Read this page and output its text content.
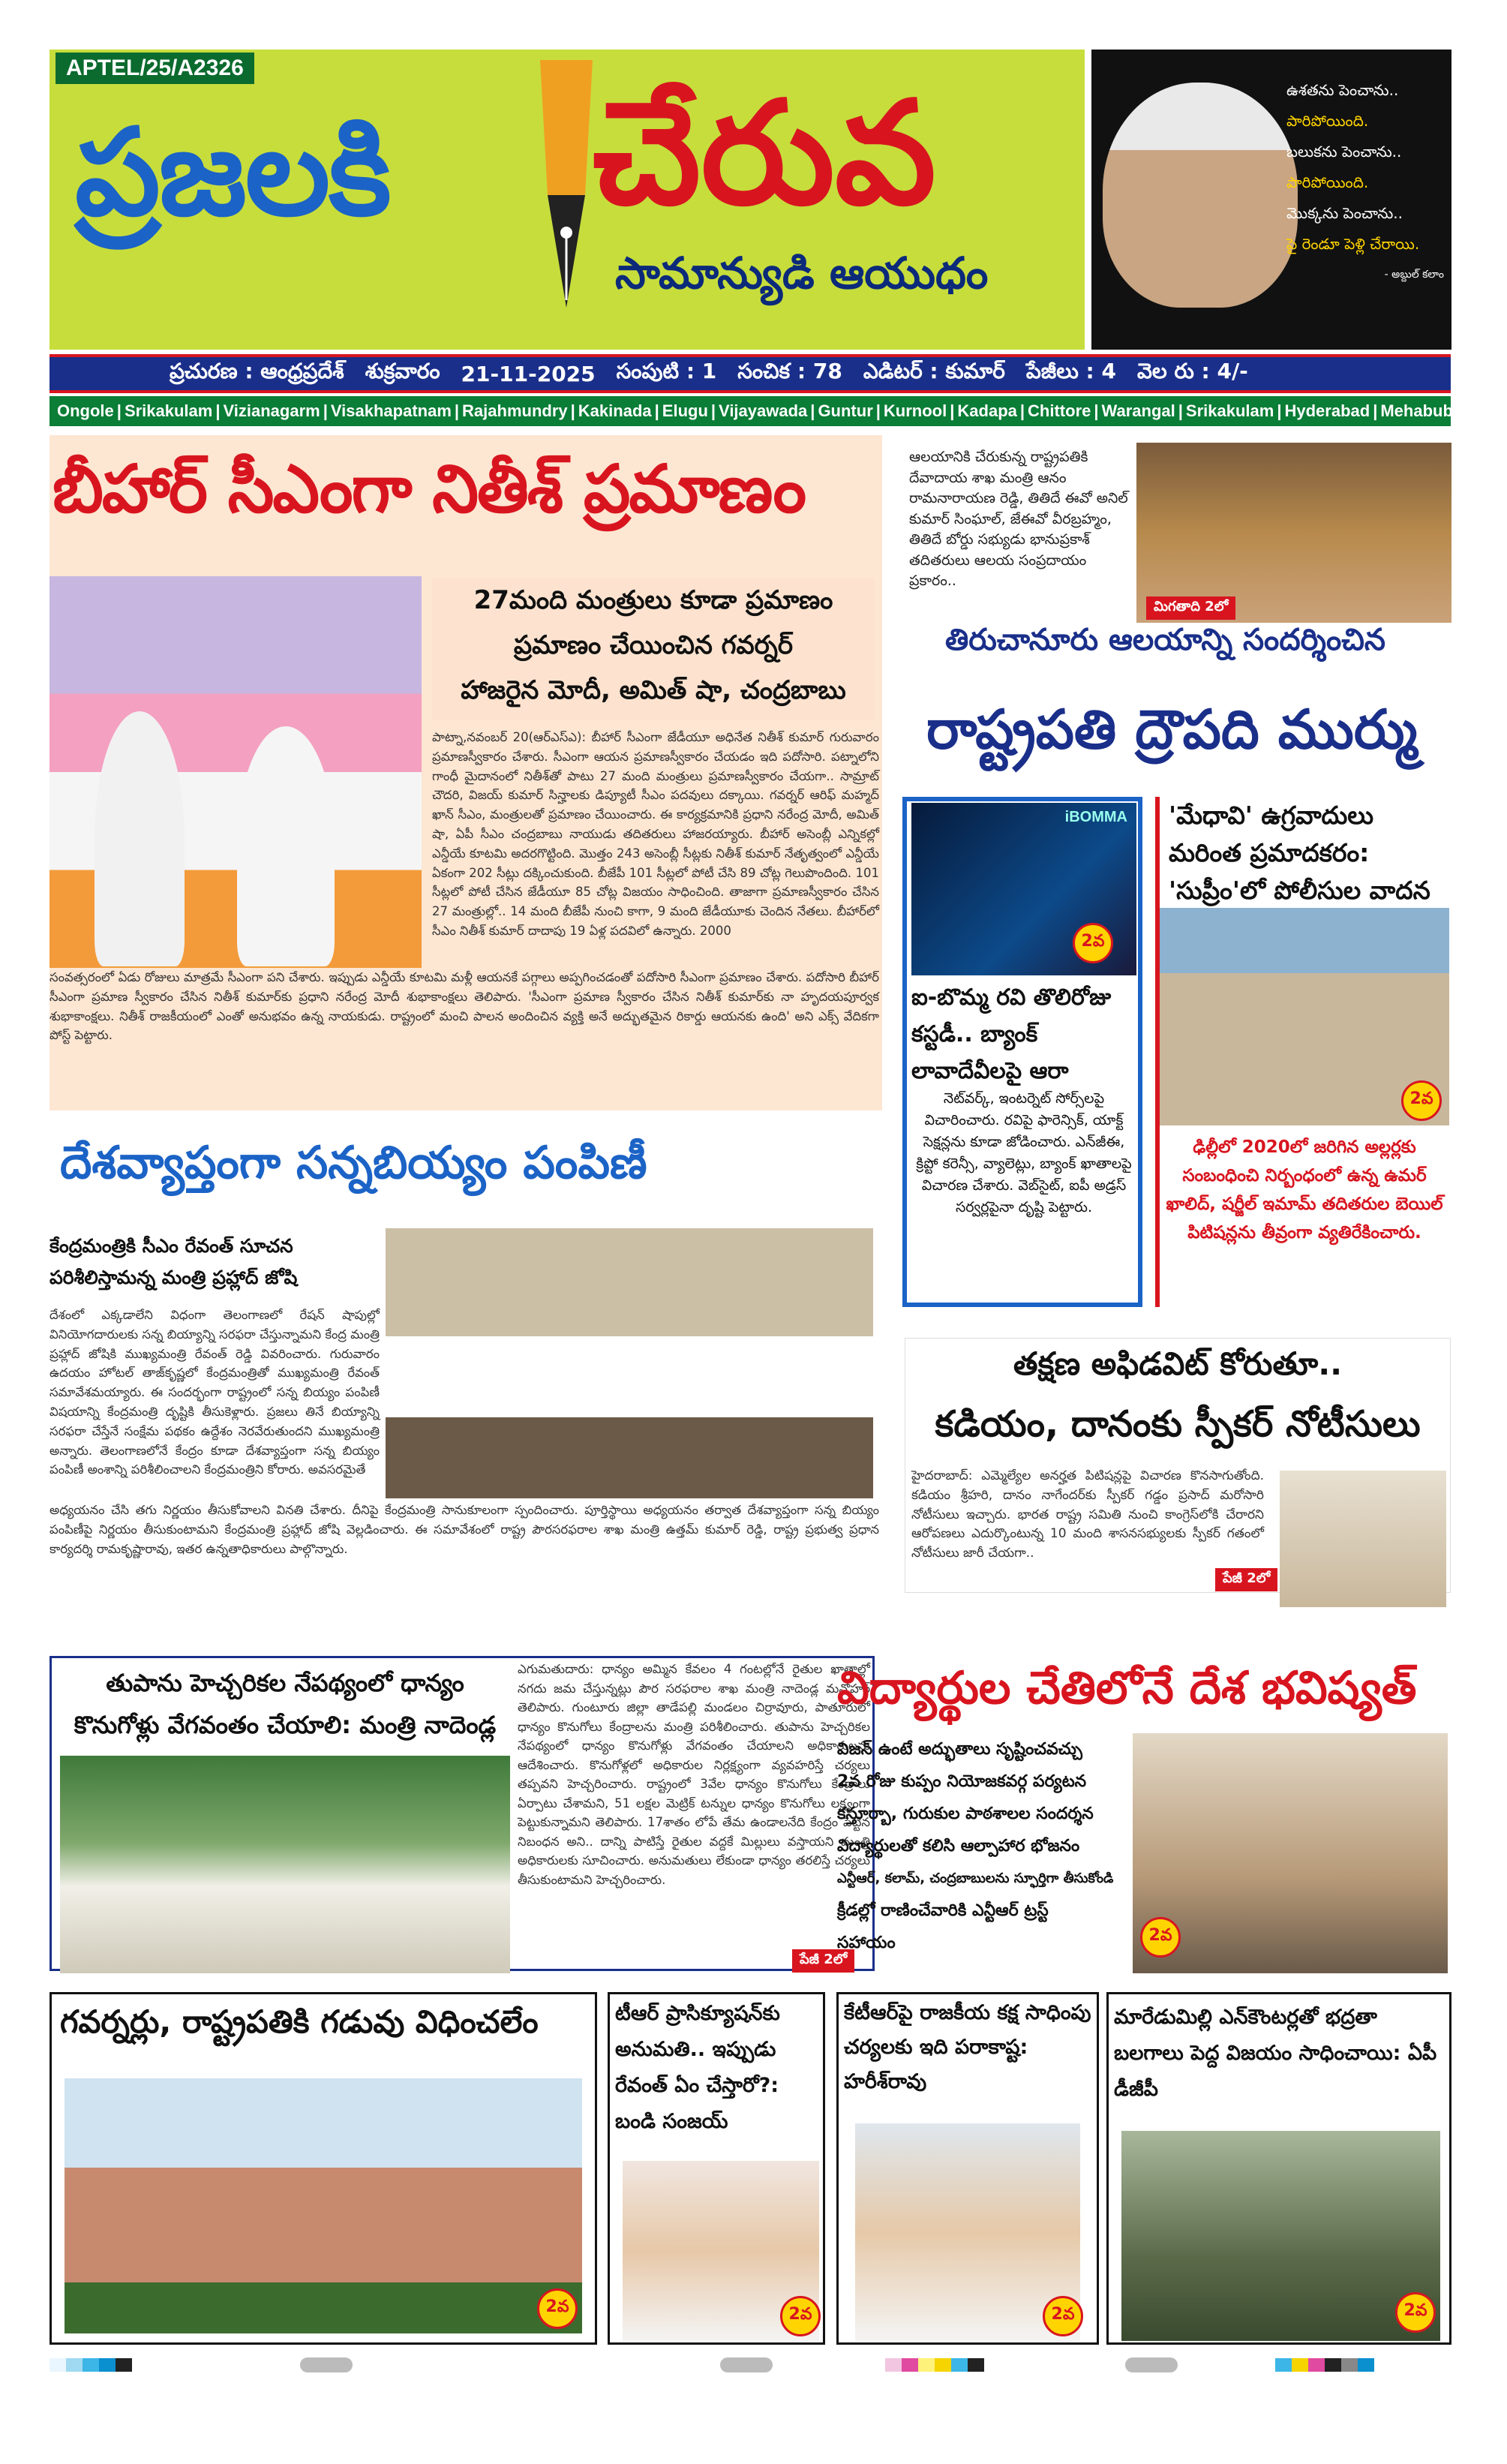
APTEL/25/A2326
ప్రజలకి చేరువ
సామాన్యుడి ఆయుధం
ఉశతను పెంచాను..
పారిపోయింది.
బలుకను పెంచాను..
పారిపోయింది.
మొక్కను పెంచాను..
పై రెండూ పెళ్లి చేరాయి.
- అబ్దుల్ కలాం
ప్రచురణ : ఆంధ్రప్రదేశ్ శుక్రవారం 21-11-2025 సంపుటి : 1 సంచిక : 78 ఎడిటర్ : కుమార్ పేజీలు : 4 వెల రు : 4/-
Ongole | Srikakulam | Vizianagarm | Visakhapatnam | Rajahmundry | Kakinada | Elugu | Vijayawada | Guntur | Kurnool | Kadapa | Chittore | Warangal | Srikakulam | Hyderabad | Mehabubanagar
బీహార్ సీఎంగా నితీశ్ ప్రమాణం
27మంది మంత్రులు కూడా ప్రమాణం
ప్రమాణం చేయించిన గవర్నర్
హాజరైన మోదీ, అమిత్ షా, చంద్రబాబు
పాట్నా,నవంబర్ 20(ఆర్ఎస్ఎ): బీహార్ సీఎంగా జేడీయూ అధినేత నితీశ్ కుమార్ గురువారం ప్రమాణస్వీకారం చేశారు. సీఎంగా ఆయన ప్రమాణస్వీకారం చేయడం ఇది పదోసారి. పట్నాలోని గాంధీ మైదానంలో నితీశ్‌తో పాటు 27 మంది మంత్రులు ప్రమాణస్వీకారం చేయగా.. సామ్రాట్ చౌదరి, విజయ్ కుమార్ సిన్హాలకు డిప్యూటీ సీఎం పదవులు దక్కాయి. గవర్నర్ ఆరిఫ్ మహ్మద్ ఖాన్ సీఎం, మంత్రులతో ప్రమాణం చేయించారు. ఈ కార్యక్రమానికి ప్రధాని నరేంద్ర మోదీ, అమిత్ షా, ఏపీ సీఎం చంద్రబాబు నాయుడు తదితరులు హాజరయ్యారు. బీహార్ అసెంబ్లీ ఎన్నికల్లో ఎన్డీయే కూటమి అదరగొట్టింది. మొత్తం 243 అసెంబ్లీ సీట్లకు నితీశ్ కుమార్ నేతృత్వంలో ఎన్డీయే ఏకంగా 202 సీట్లు దక్కించుకుంది. బీజేపీ 101 సీట్లలో పోటీ చేసి 89 చోట్ల గెలుపొందింది. 101 సీట్లలో పోటీ చేసిన జేడీయూ 85 చోట్ల విజయం సాధించింది. తాజాగా ప్రమాణస్వీకారం చేసిన 27 మంత్రుల్లో.. 14 మంది బీజేపీ నుంచి కాగా, 9 మంది జేడీయూకు చెందిన నేతలు. బీహార్‌లో సీఎం నితీశ్ కుమార్ దాదాపు 19 ఏళ్ల పదవిలో ఉన్నారు. 2000
సంవత్సరంలో ఏడు రోజులు మాత్రమే సీఎంగా పని చేశారు. ఇప్పుడు ఎన్డీయే కూటమి మళ్లీ ఆయనకే పగ్గాలు అప్పగించడంతో పదోసారి సీఎంగా ప్రమాణం చేశారు. పదోసారి బీహార్ సీఎంగా ప్రమాణ స్వీకారం చేసిన నితీశ్ కుమార్‌కు ప్రధాని నరేంద్ర మోదీ శుభాకాంక్షలు తెలిపారు. 'సీఎంగా ప్రమాణ స్వీకారం చేసిన నితీశ్ కుమార్‌కు నా హృదయపూర్వక శుభాకాంక్షలు. నితీశ్ రాజకీయంలో ఎంతో అనుభవం ఉన్న నాయకుడు. రాష్ట్రంలో మంచి పాలన అందించిన వ్యక్తి అనే అద్భుతమైన రికార్డు ఆయనకు ఉంది' అని ఎక్స్ వేదికగా పోస్ట్ పెట్టారు.
దేశవ్యాప్తంగా సన్నబియ్యం పంపిణీ
కేంద్రమంత్రికి సీఎం రేవంత్ సూచన
పరిశీలిస్తామన్న మంత్రి ప్రహ్లాద్ జోషి
దేశంలో ఎక్కడాలేని విధంగా తెలంగాణలో రేషన్ షాపుల్లో వినియోగదారులకు సన్న బియ్యాన్ని సరఫరా చేస్తున్నామని కేంద్ర మంత్రి ప్రహ్లాద్ జోషికి ముఖ్యమంత్రి రేవంత్ రెడ్డి వివరించారు. గురువారం ఉదయం హోటల్ తాజ్‌కృష్ణలో కేంద్రమంత్రితో ముఖ్యమంత్రి రేవంత్ సమావేశమయ్యారు. ఈ సందర్భంగా రాష్ట్రంలో సన్న బియ్యం పంపిణీ విషయాన్ని కేంద్రమంత్రి దృష్టికి తీసుకెళ్లారు. ప్రజలు తినే బియ్యాన్ని సరఫరా చేస్తేనే సంక్షేమ పథకం ఉద్దేశం నెరవేరుతుందని ముఖ్యమంత్రి అన్నారు. తెలంగాణలోనే కేంద్రం కూడా దేశవ్యాప్తంగా సన్న బియ్యం పంపిణీ అంశాన్ని పరిశీలించాలని కేంద్రమంత్రిని కోరారు. అవసరమైతే
అధ్యయనం చేసి తగు నిర్ణయం తీసుకోవాలని వినతి చేశారు. దీనిపై కేంద్రమంత్రి సానుకూలంగా స్పందించారు. పూర్తిస్థాయి అధ్యయనం తర్వాత దేశవ్యాప్తంగా సన్న బియ్యం పంపిణీపై నిర్ణయం తీసుకుంటామని కేంద్రమంత్రి ప్రహ్లాద్ జోషి వెల్లడించారు. ఈ సమావేశంలో రాష్ట్ర పౌరసరఫరాల శాఖ మంత్రి ఉత్తమ్ కుమార్ రెడ్డి, రాష్ట్ర ప్రభుత్వ ప్రధాన కార్యదర్శి రామకృష్ణారావు, ఇతర ఉన్నతాధికారులు పాల్గొన్నారు.
ఆలయానికి చేరుకున్న రాష్ట్రపతికి దేవాదాయ శాఖ మంత్రి ఆనం రామనారాయణ రెడ్డి, తితిదే ఈవో అనిల్ కుమార్ సింఘాల్, జేఈవో వీరబ్రహ్మం, తితిదే బోర్డు సభ్యుడు భానుప్రకాశ్ తదితరులు ఆలయ సంప్రదాయం ప్రకారం..
మిగతాది 2లో
తిరుచానూరు ఆలయాన్ని సందర్శించిన
రాష్ట్రపతి ద్రౌపది ముర్ము
iBOMMA
2వ
ఐ-బొమ్మ రవి తొలిరోజు కస్టడీ.. బ్యాంక్ లావాదేవీలపై ఆరా
నెట్‌వర్క్, ఇంటర్నెట్ సోర్స్‌లపై విచారించారు. రవిపై ఫారెన్సిక్, యాక్ట్ సెక్షన్లను కూడా జోడించారు. ఎన్‌జీఈ, క్రిప్టో కరెన్సీ, వ్యాలెట్లు, బ్యాంక్ ఖాతాలపై విచారణ చేశారు. వెబ్‌సైట్, ఐపీ అడ్రస్ సర్వర్లపైనా దృష్టి పెట్టారు.
'మేధావి' ఉగ్రవాదులు మరింత ప్రమాదకరం: 'సుప్రీం'లో పోలీసుల వాదన
2వ
ఢిల్లీలో 2020లో జరిగిన అల్లర్లకు సంబంధించి నిర్బంధంలో ఉన్న ఉమర్ ఖాలిద్, షర్జీల్ ఇమామ్ తదితరుల బెయిల్ పిటిషన్లను తీవ్రంగా వ్యతిరేకించారు.
తక్షణ అఫిడవిట్ కోరుతూ..
కడియం, దానంకు స్పీకర్ నోటీసులు
హైదరాబాద్: ఎమ్మెల్యేల అనర్హత పిటిషన్లపై విచారణ కొనసాగుతోంది. కడియం శ్రీహరి, దానం నాగేందర్‌కు స్పీకర్ గడ్డం ప్రసాద్ మరోసారి నోటీసులు ఇచ్చారు. భారత రాష్ట్ర సమితి నుంచి కాంగ్రెస్‌లోకి చేరారని ఆరోపణలు ఎదుర్కొంటున్న 10 మంది శాసనసభ్యులకు స్పీకర్ గతంలో నోటీసులు జారీ చేయగా..
పేజీ 2లో
తుపాను హెచ్చరికల నేపథ్యంలో ధాన్యం కొనుగోళ్లు వేగవంతం చేయాలి: మంత్రి నాదెండ్ల
ఎగుమతుదారు: ధాన్యం అమ్మిన కేవలం 4 గంటల్లోనే రైతుల ఖాతాల్లో నగదు జమ చేస్తున్నట్లు పౌర సరఫరాల శాఖ మంత్రి నాదెండ్ల మనోహర్ తెలిపారు. గుంటూరు జిల్లా తాడేపల్లి మండలం చిర్రావూరు, పాతూరులో ధాన్యం కొనుగోలు కేంద్రాలను మంత్రి పరిశీలించారు. తుపాను హెచ్చరికల నేపథ్యంలో ధాన్యం కొనుగోళ్లు వేగవంతం చేయాలని అధికారులను ఆదేశించారు. కొనుగోళ్లలో అధికారుల నిర్లక్ష్యంగా వ్యవహరిస్తే చర్యలు తప్పవని హెచ్చరించారు. రాష్ట్రంలో 3వేల ధాన్యం కొనుగోలు కేంద్రాలు ఏర్పాటు చేశామని, 51 లక్షల మెట్రిక్ టన్నుల ధాన్యం కొనుగోలు లక్ష్యంగా పెట్టుకున్నామని తెలిపారు. 17శాతం లోపే తేమ ఉండాలనేది కేంద్రం పెట్టిన నిబంధన అని.. దాన్ని పాటిస్తే రైతుల వద్దకే మిల్లులు వస్తాయని మంత్రి అధికారులకు సూచించారు. అనుమతులు లేకుండా ధాన్యం తరలిస్తే చర్యలు తీసుకుంటామని హెచ్చరించారు.
పేజీ 2లో
విద్యార్థుల చేతిలోనే దేశ భవిష్యత్
విజన్ ఉంటే అద్భుతాలు సృష్టించవచ్చు
2వ రోజు కుప్పం నియోజకవర్గ పర్యటన
కస్తూర్బా, గురుకుల పాఠశాలల సందర్శన
విద్యార్థులతో కలిసి ఆల్పాహార భోజనం
ఎన్టీఆర్, కలామ్, చంద్రబాబులను స్ఫూర్తిగా తీసుకోండి
క్రీడల్లో రాణించేవారికి ఎన్టీఆర్ ట్రస్ట్
సహాయం	2వ
గవర్నర్లు, రాష్ట్రపతికి గడువు విధించలేం
2వ
టీఆర్ ప్రాసిక్యూషన్‌కు అనుమతి.. ఇప్పుడు రేవంత్ ఏం చేస్తారో?: బండి సంజయ్
2వ
కేటీఆర్‌పై రాజకీయ కక్ష సాధింపు చర్యలకు ఇది పరాకాష్ట: హరీశ్‌రావు
2వ
మారేడుమిల్లి ఎన్‌కౌంటర్లతో భద్రతా బలగాలు పెద్ద విజయం సాధించాయి: ఏపీ డీజీపీ
2వ
